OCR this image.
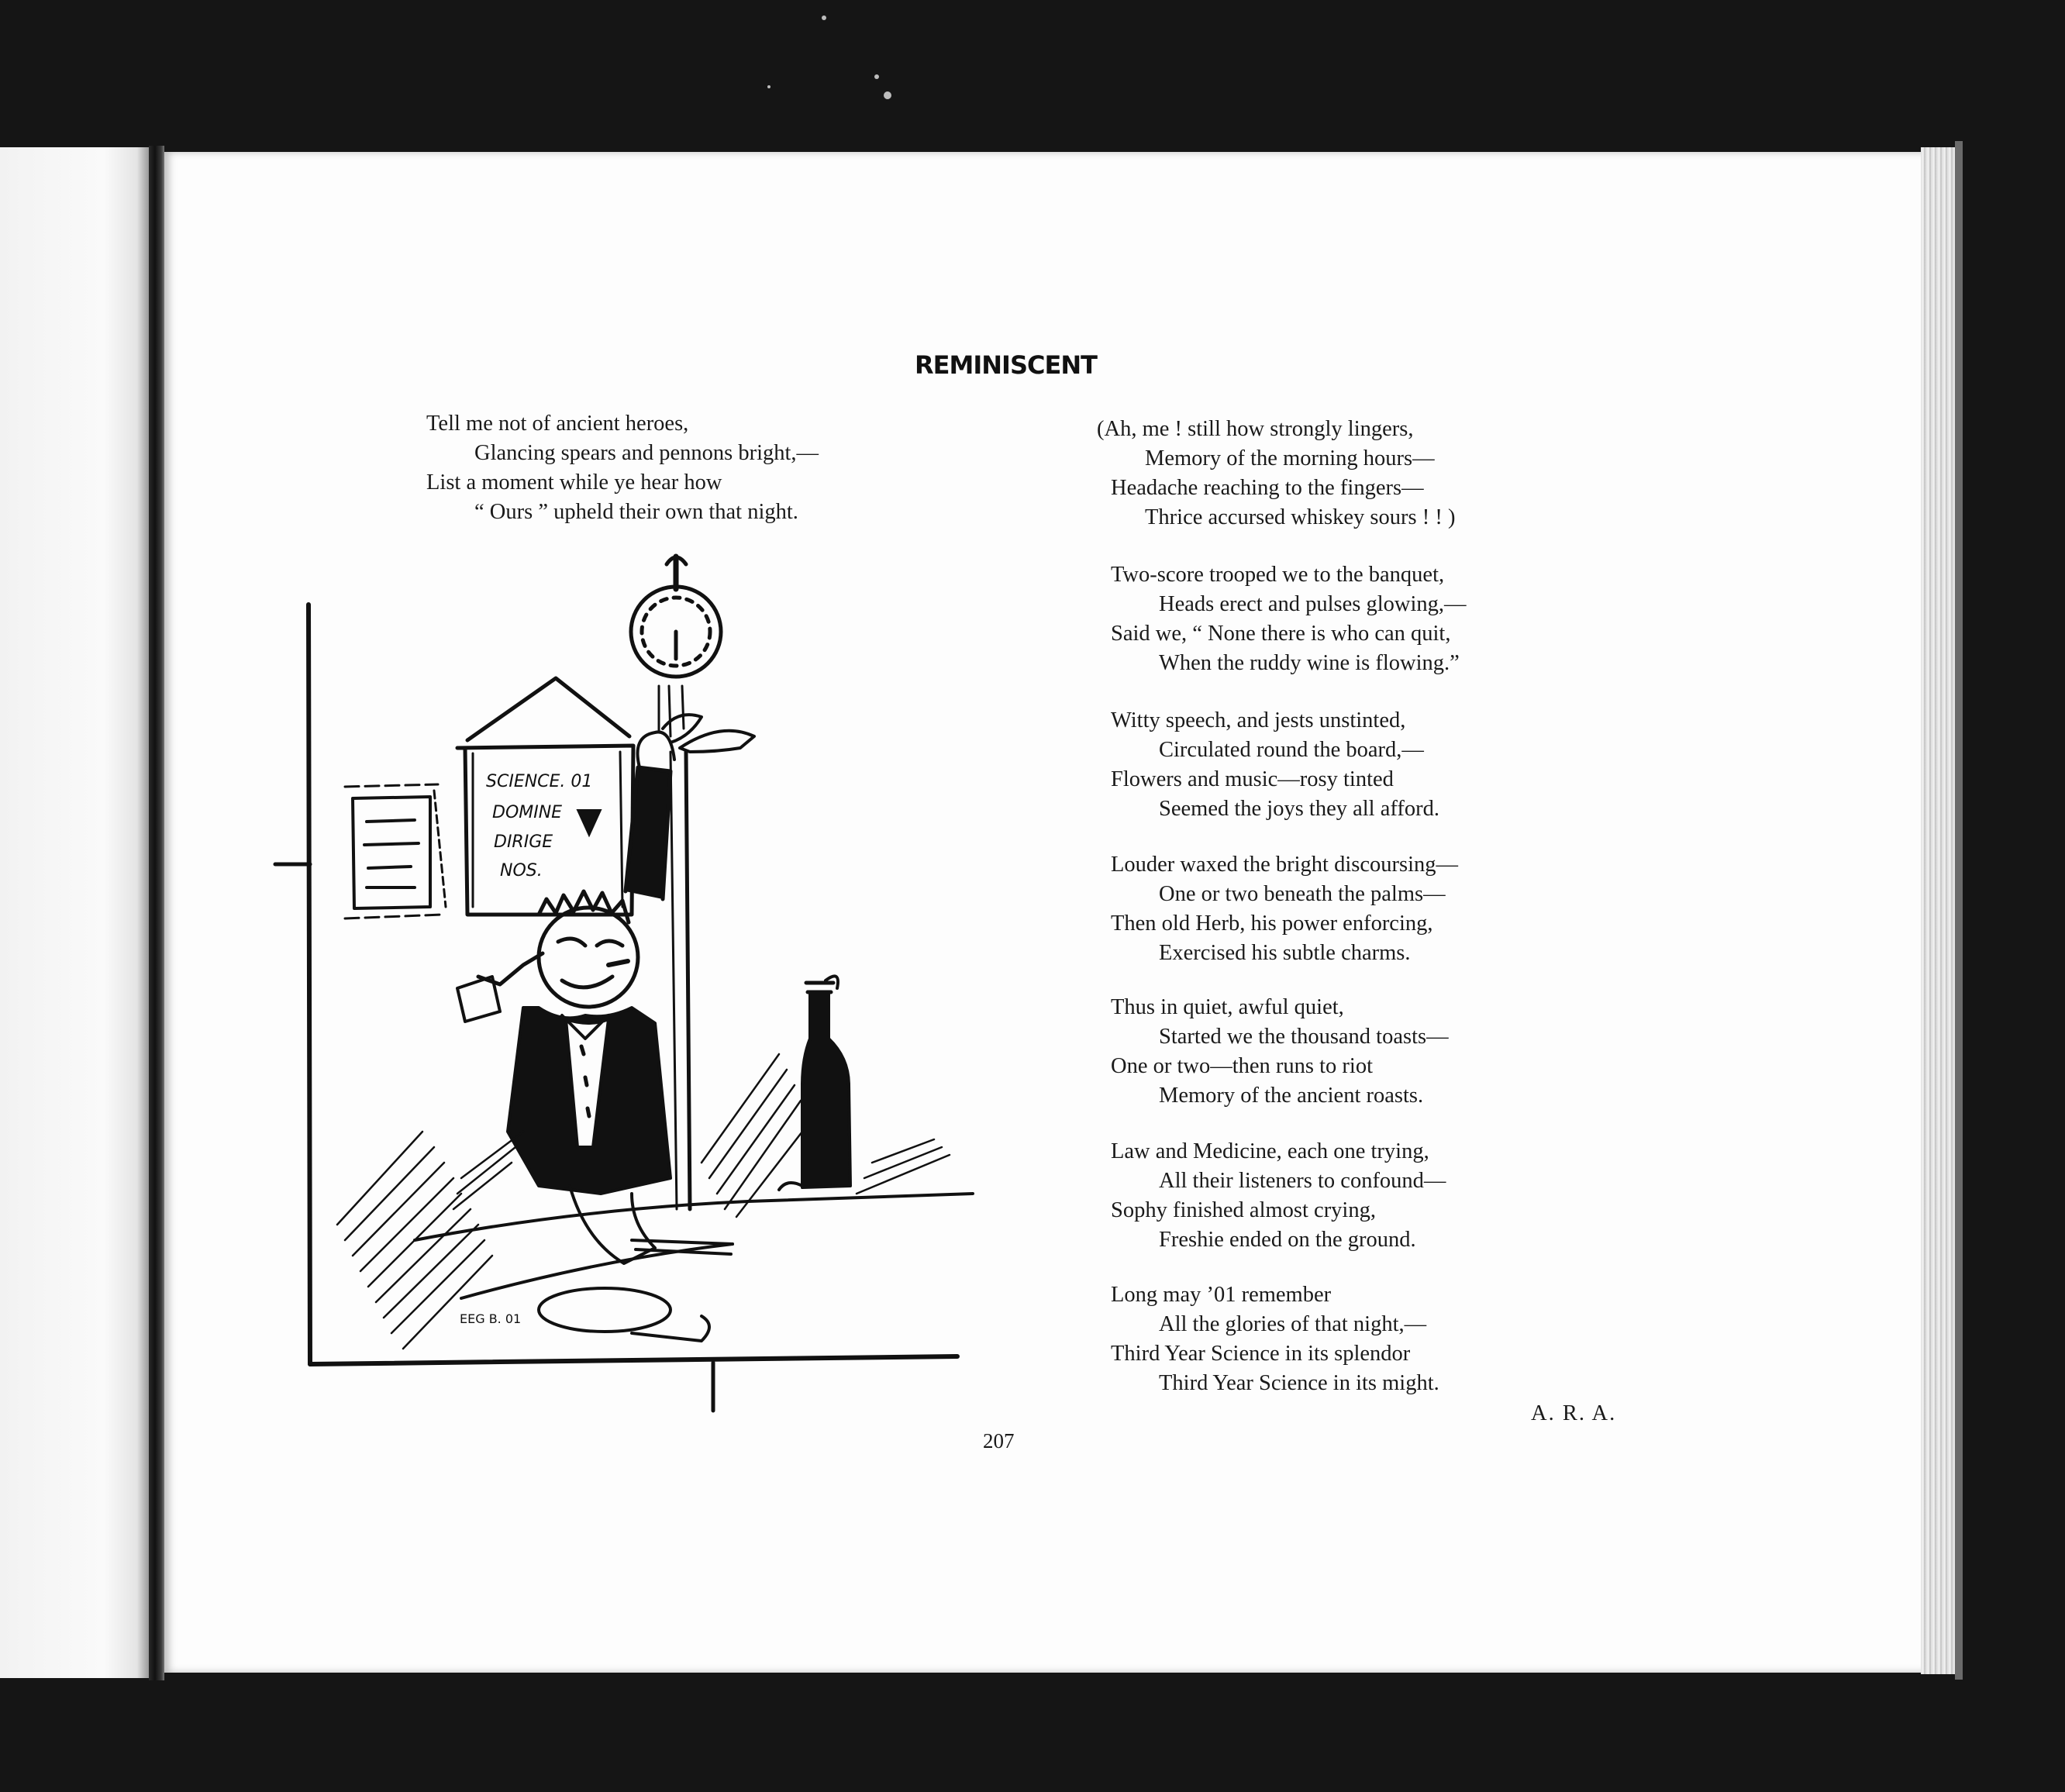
REMINISCENT
Tell me not of ancient heroes,
Glancing spears and pennons bright,—
List a moment while ye hear how
“ Ours ” upheld their own that night.
(Ah, me ! still how strongly lingers,
Memory of the morning hours—
Headache reaching to the fingers—
Thrice accursed whiskey sours ! ! )
Two-score trooped we to the banquet,
Heads erect and pulses glowing,—
Said we, “ None there is who can quit,
When the ruddy wine is flowing.”
Witty speech, and jests unstinted,
Circulated round the board,—
Flowers and music—rosy tinted
Seemed the joys they all afford.
Louder waxed the bright discoursing—
One or two beneath the palms—
Then old Herb, his power enforcing,
Exercised his subtle charms.
Thus in quiet, awful quiet,
Started we the thousand toasts—
One or two—then runs to riot
Memory of the ancient roasts.
Law and Medicine, each one trying,
All their listeners to confound—
Sophy finished almost crying,
Freshie ended on the ground.
Long may ’01 remember
All the glories of that night,—
Third Year Science in its splendor
Third Year Science in its might.
A. R. A.
207
SCIENCE. 01
DOMINE
DIRIGE
NOS.
EEG B. 01
